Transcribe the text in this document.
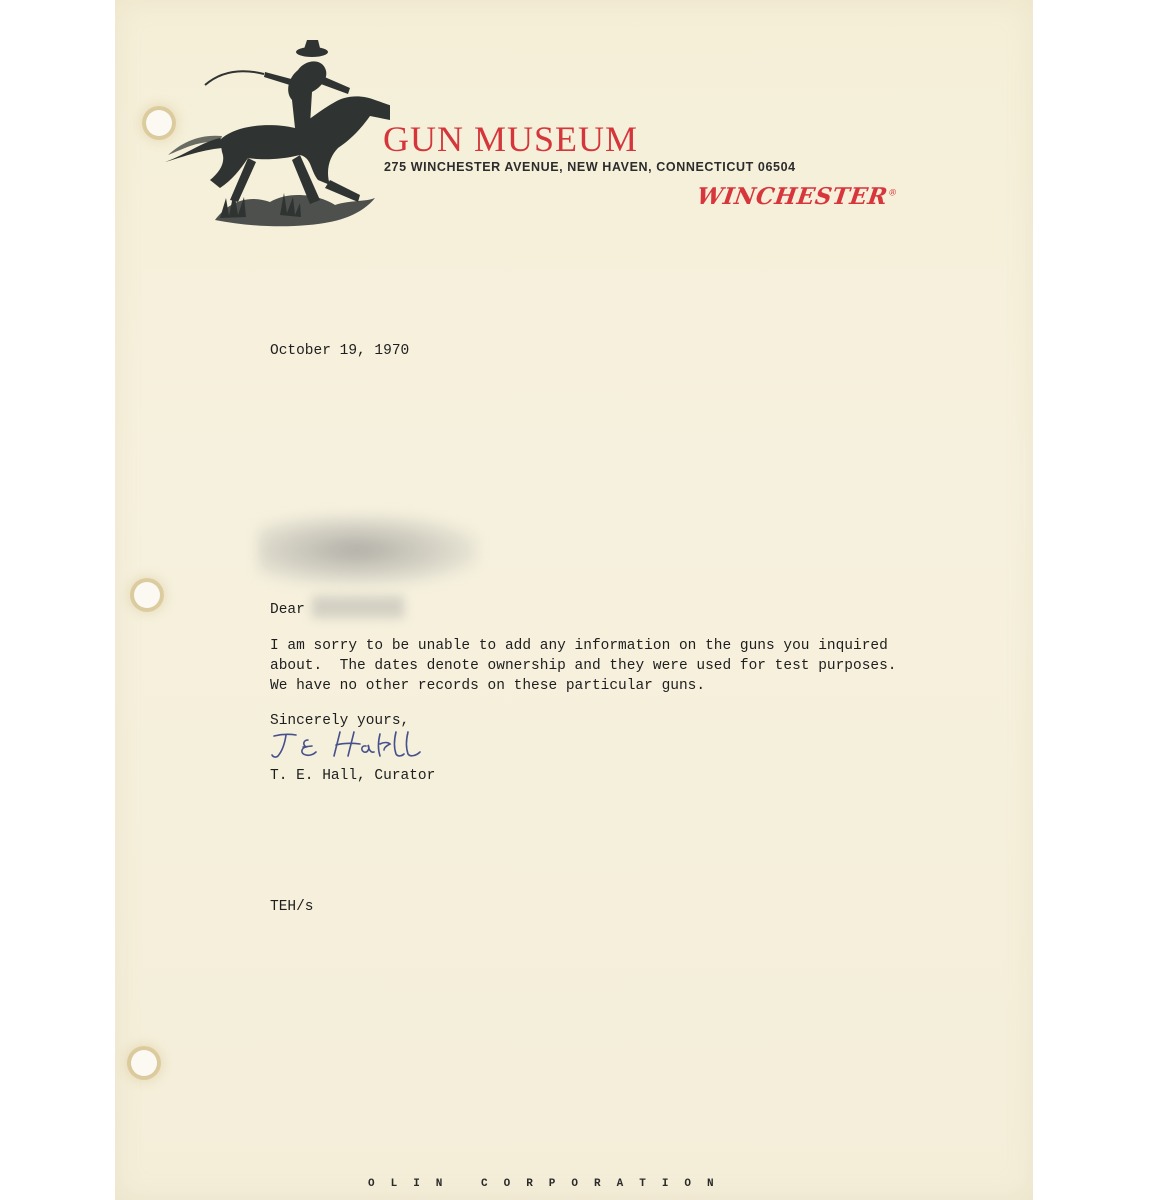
GUN MUSEUM
275 WINCHESTER AVENUE, NEW HAVEN, CONNECTICUT 06504
WINCHESTER®
October 19, 1970
Dear
I am sorry to be unable to add any information on the guns you inquired
about.  The dates denote ownership and they were used for test purposes.
We have no other records on these particular guns.
Sincerely yours,
T. E. Hall, Curator
TEH/s
OLIN CORPORATION
